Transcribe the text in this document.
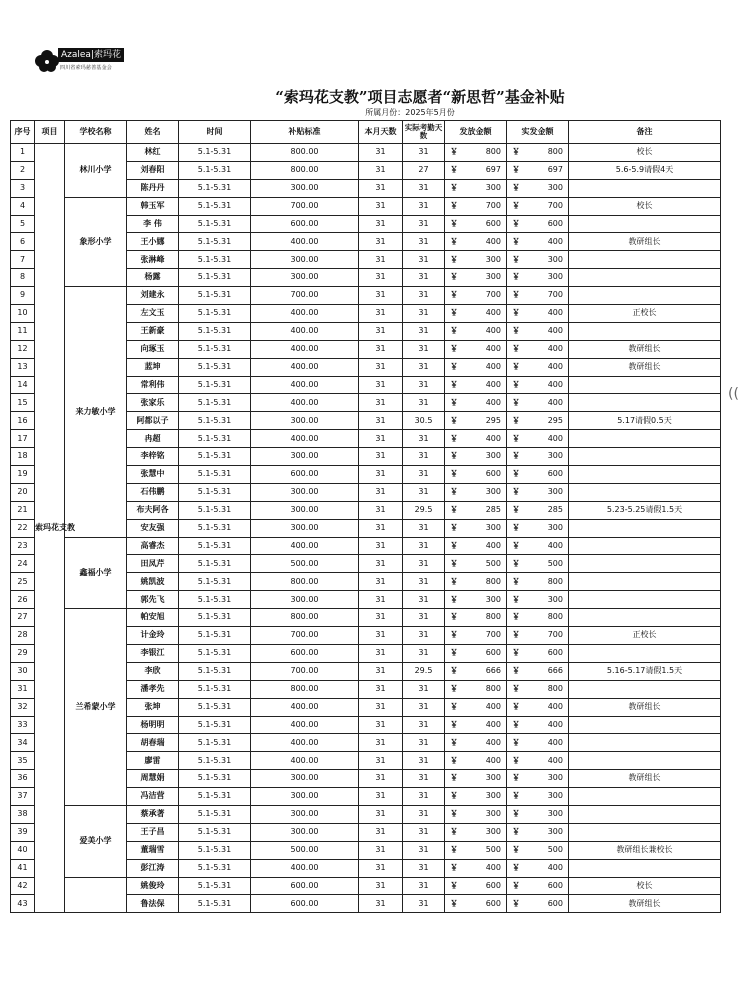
Azalea|索玛花
四川省索玛慈善基金会
“索玛花支教”项目志愿者“新思哲”基金补贴
所属月份：2025年5月份
序号	项目	学校名称	姓名	时间	补贴标准	本月天数	实际考勤天数	发放金额	实发金额	备注
1	索玛花支教	林川小学	林红	5.1-5.31	800.00	31	31	￥ 800	￥ 800	校长
2			刘春阳	5.1-5.31	800.00	31	27	￥ 697	￥ 697	5.6-5.9请假4天
3			陈丹丹	5.1-5.31	300.00	31	31	￥ 300	￥ 300	

4		象形小学	韩玉军	5.1-5.31	700.00	31	31	￥ 700	￥ 700	校长
5			李 伟	5.1-5.31	600.00	31	31	￥ 600	￥ 600	

6			王小娜	5.1-5.31	400.00	31	31	￥ 400	￥ 400	教研组长
7			张淋峰	5.1-5.31	300.00	31	31	￥ 300	￥ 300	

8			杨露	5.1-5.31	300.00	31	31	￥ 300	￥ 300	

9		来力敏小学	刘建永	5.1-5.31	700.00	31	31	￥ 700	￥ 700	

10			左文玉	5.1-5.31	400.00	31	31	￥ 400	￥ 400	正校长
11			王新豪	5.1-5.31	400.00	31	31	￥ 400	￥ 400	

12			向琢玉	5.1-5.31	400.00	31	31	￥ 400	￥ 400	教研组长
13			蓝坤	5.1-5.31	400.00	31	31	￥ 400	￥ 400	教研组长
14			常利伟	5.1-5.31	400.00	31	31	￥ 400	￥ 400	

15			张家乐	5.1-5.31	400.00	31	31	￥ 400	￥ 400	

16			阿都以子	5.1-5.31	300.00	31	30.5	￥ 295	￥ 295	5.17请假0.5天
17			冉超	5.1-5.31	400.00	31	31	￥ 400	￥ 400	

18			李梓铭	5.1-5.31	300.00	31	31	￥ 300	￥ 300	

19			张慧中	5.1-5.31	600.00	31	31	￥ 600	￥ 600	

20			石伟鹏	5.1-5.31	300.00	31	31	￥ 300	￥ 300	

21			布夫阿各	5.1-5.31	300.00	31	29.5	￥ 285	￥ 285	5.23-5.25请假1.5天
22			安友强	5.1-5.31	300.00	31	31	￥ 300	￥ 300	

23		鑫福小学	高睿杰	5.1-5.31	400.00	31	31	￥ 400	￥ 400	

24			田凤芹	5.1-5.31	500.00	31	31	￥ 500	￥ 500	

25			姚凯波	5.1-5.31	800.00	31	31	￥ 800	￥ 800	

26			郭先飞	5.1-5.31	300.00	31	31	￥ 300	￥ 300	

27		兰希蒙小学	帕安旭	5.1-5.31	800.00	31	31	￥ 800	￥ 800	

28			计金玲	5.1-5.31	700.00	31	31	￥ 700	￥ 700	正校长
29			李银江	5.1-5.31	600.00	31	31	￥ 600	￥ 600	

30			李欣	5.1-5.31	700.00	31	29.5	￥ 666	￥ 666	5.16-5.17请假1.5天
31			潘孝先	5.1-5.31	800.00	31	31	￥ 800	￥ 800	

32			张坤	5.1-5.31	400.00	31	31	￥ 400	￥ 400	教研组长
33			杨明明	5.1-5.31	400.00	31	31	￥ 400	￥ 400	

34			胡春瑞	5.1-5.31	400.00	31	31	￥ 400	￥ 400	

35			廖雷	5.1-5.31	400.00	31	31	￥ 400	￥ 400	

36			周慧娟	5.1-5.31	300.00	31	31	￥ 300	￥ 300	教研组长
37			冯洁营	5.1-5.31	300.00	31	31	￥ 300	￥ 300	

38		爱美小学	蔡承著	5.1-5.31	300.00	31	31	￥ 300	￥ 300	

39			王子昌	5.1-5.31	300.00	31	31	￥ 300	￥ 300	

40			董瑞雪	5.1-5.31	500.00	31	31	￥ 500	￥ 500	教研组长兼校长
41			彭江涛	5.1-5.31	400.00	31	31	￥ 400	￥ 400	

42			姚俊玲	5.1-5.31	600.00	31	31	￥ 600	￥ 600	校长
43			鲁法保	5.1-5.31	600.00	31	31	￥ 600	￥ 600	教研组长
((
